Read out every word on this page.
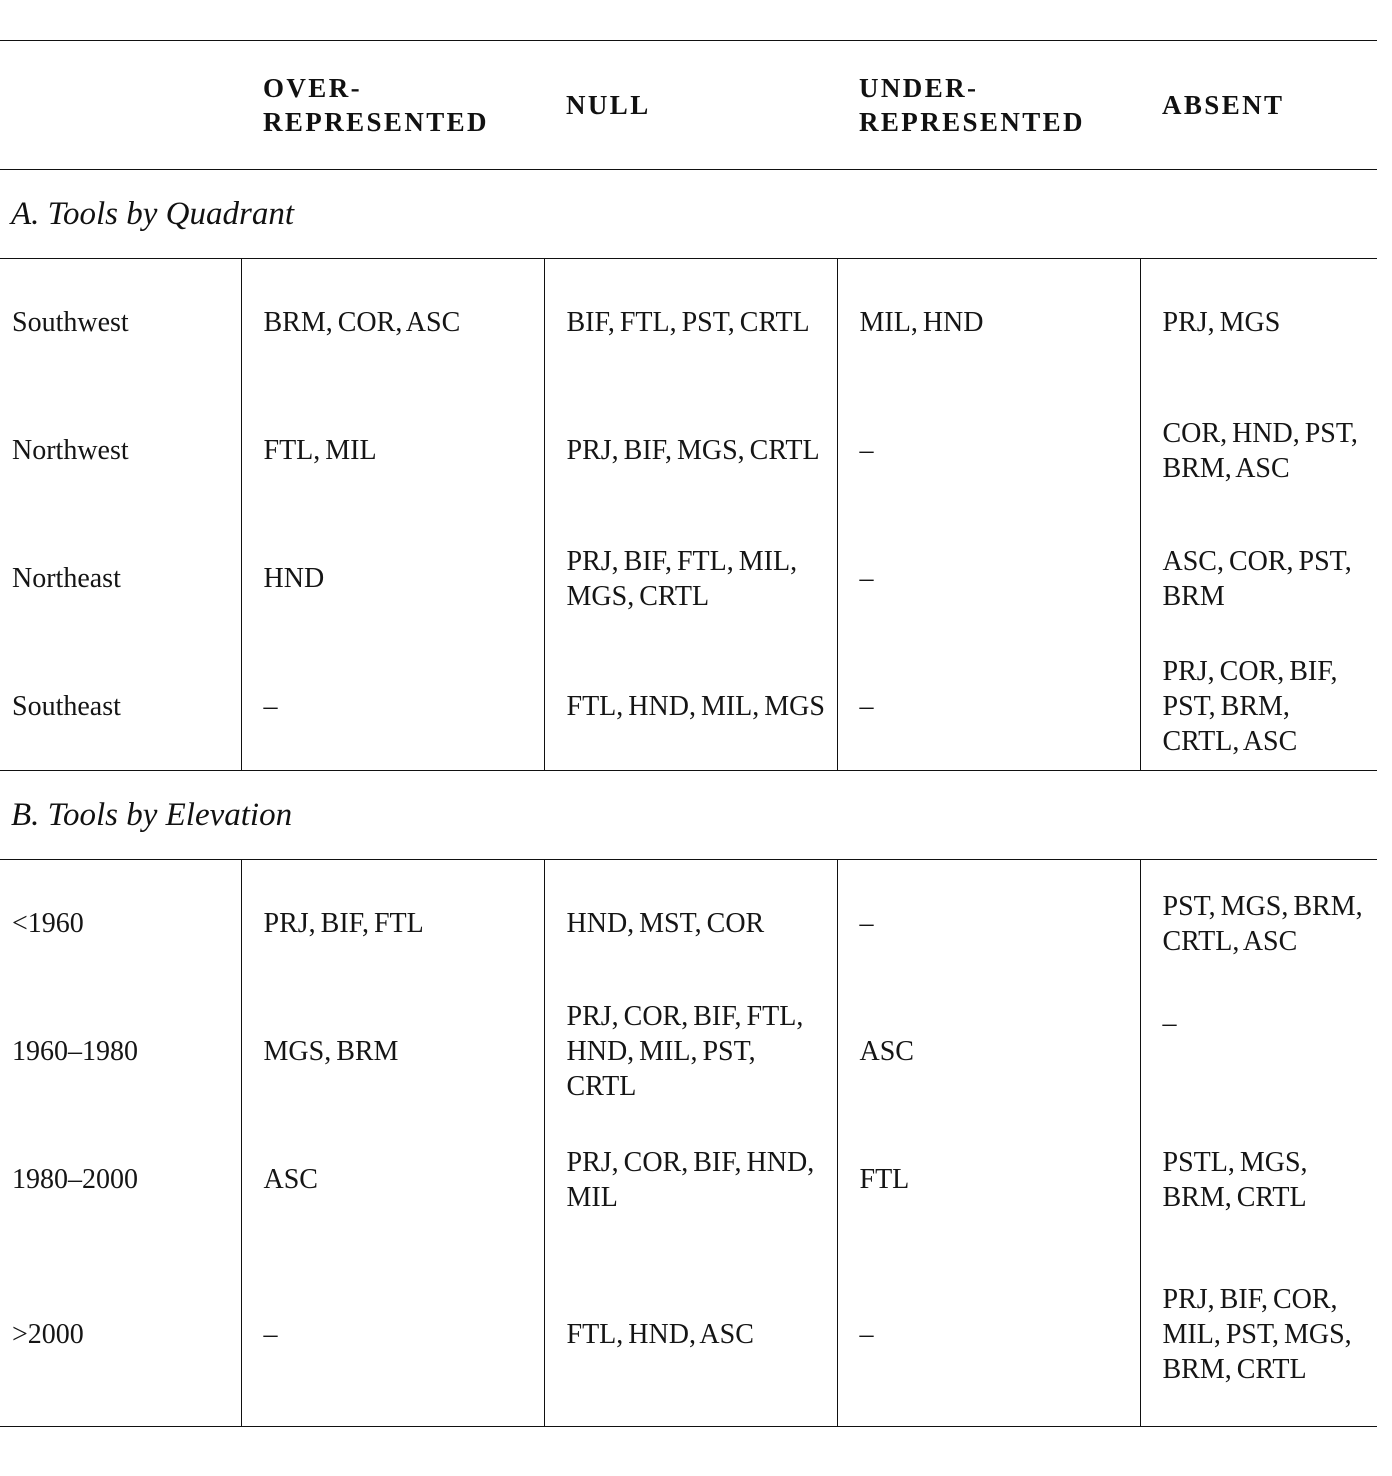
	OVER-
REPRESENTED	NULL	UNDER-
REPRESENTED	ABSENT
A. Tools by Quadrant				
Southwest	BRM, COR, ASC	BIF, FTL, PST, CRTL	MIL, HND	PRJ, MGS
Northwest	FTL, MIL	PRJ, BIF, MGS, CRTL	–	COR, HND, PST, BRM, ASC
Northeast	HND	PRJ, BIF, FTL, MIL, MGS, CRTL	–	ASC, COR, PST, BRM
Southeast	–	FTL, HND, MIL, MGS	–	PRJ, COR, BIF, PST, BRM, CRTL, ASC
B. Tools by Elevation				
<1960	PRJ, BIF, FTL	HND, MST, COR	–	PST, MGS, BRM, CRTL, ASC
1960–1980	MGS, BRM	PRJ, COR, BIF, FTL, HND, MIL, PST, CRTL	ASC	–
1980–2000	ASC	PRJ, COR, BIF, HND, MIL	FTL	PSTL, MGS, BRM, CRTL
>2000	–	FTL, HND, ASC	–	PRJ, BIF, COR, MIL, PST, MGS, BRM, CRTL
